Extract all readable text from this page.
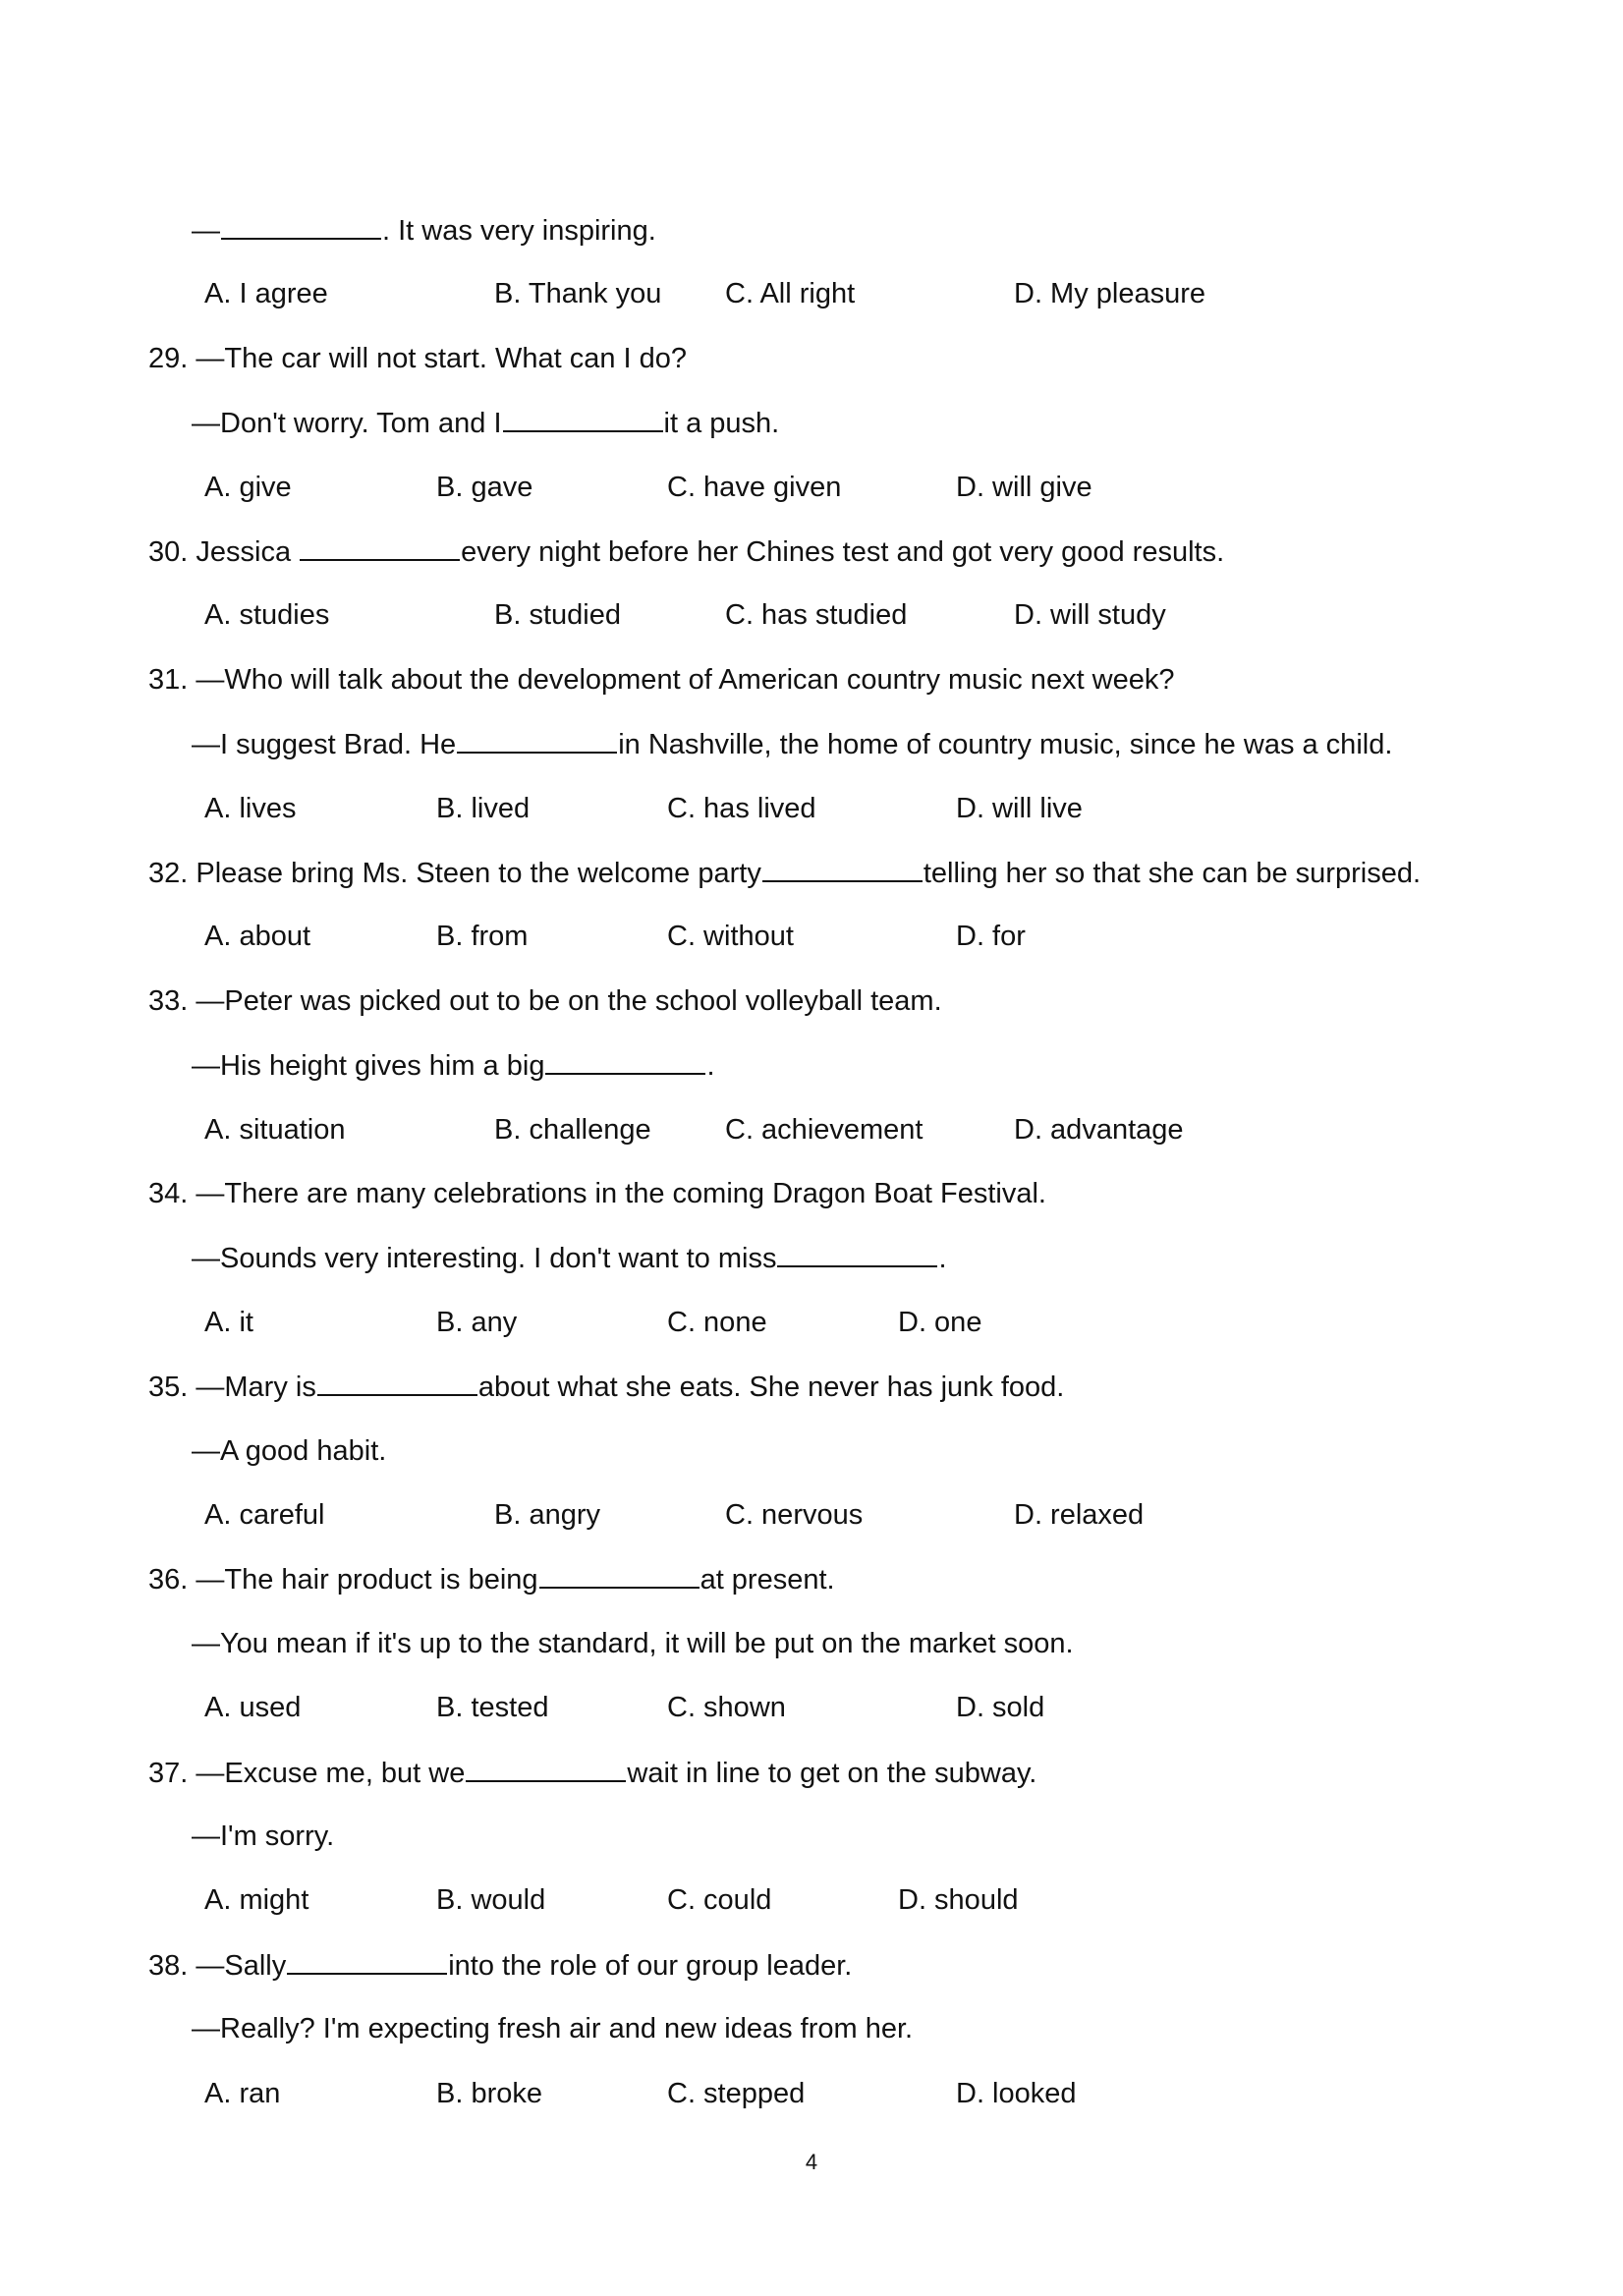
—	. It was very inspiring.
A. I agree	B. Thank you C. All right	D. My pleasure
29. —The car will not start. What can I do?
—Don't worry. Tom and I	it a push.
A. give	B. gave	C. have given	D. will give
30. Jessica	every night before her Chines test and got very good results.
A. studies	B. studied	C. has studied	D. will study
31. —Who will talk about the development of American country music next week?
—I suggest Brad. He	in Nashville, the home of country music, since he was a child.
A. lives	B. lived	C. has lived	D. will live
32. Please bring Ms. Steen to the welcome party	telling her so that she can be surprised.
A. about	B. from	C. without	D. for
33. —Peter was picked out to be on the school volleyball team.
—His height gives him a big	.
A. situation	B. challenge	C. achievement	D. advantage
34. —There are many celebrations in the coming Dragon Boat Festival.
—Sounds very interesting. I don't want to miss	.
A. it	B. any	C. none	D. one
35. —Mary is	about what she eats. She never has junk food.
—A good habit.
A. careful	B. angry	C. nervous	D. relaxed
36. —The hair product is being	at present.
—You mean if it's up to the standard, it will be put on the market soon.
A. used	B. tested	C. shown	D. sold
37. —Excuse me, but we	wait in line to get on the subway.
—I'm sorry.
A. might	B. would	C. could	D. should
38. —Sally	into the role of our group leader.
—Really? I'm expecting fresh air and new ideas from her.
A. ran	B. broke	C. stepped	D. looked
4
